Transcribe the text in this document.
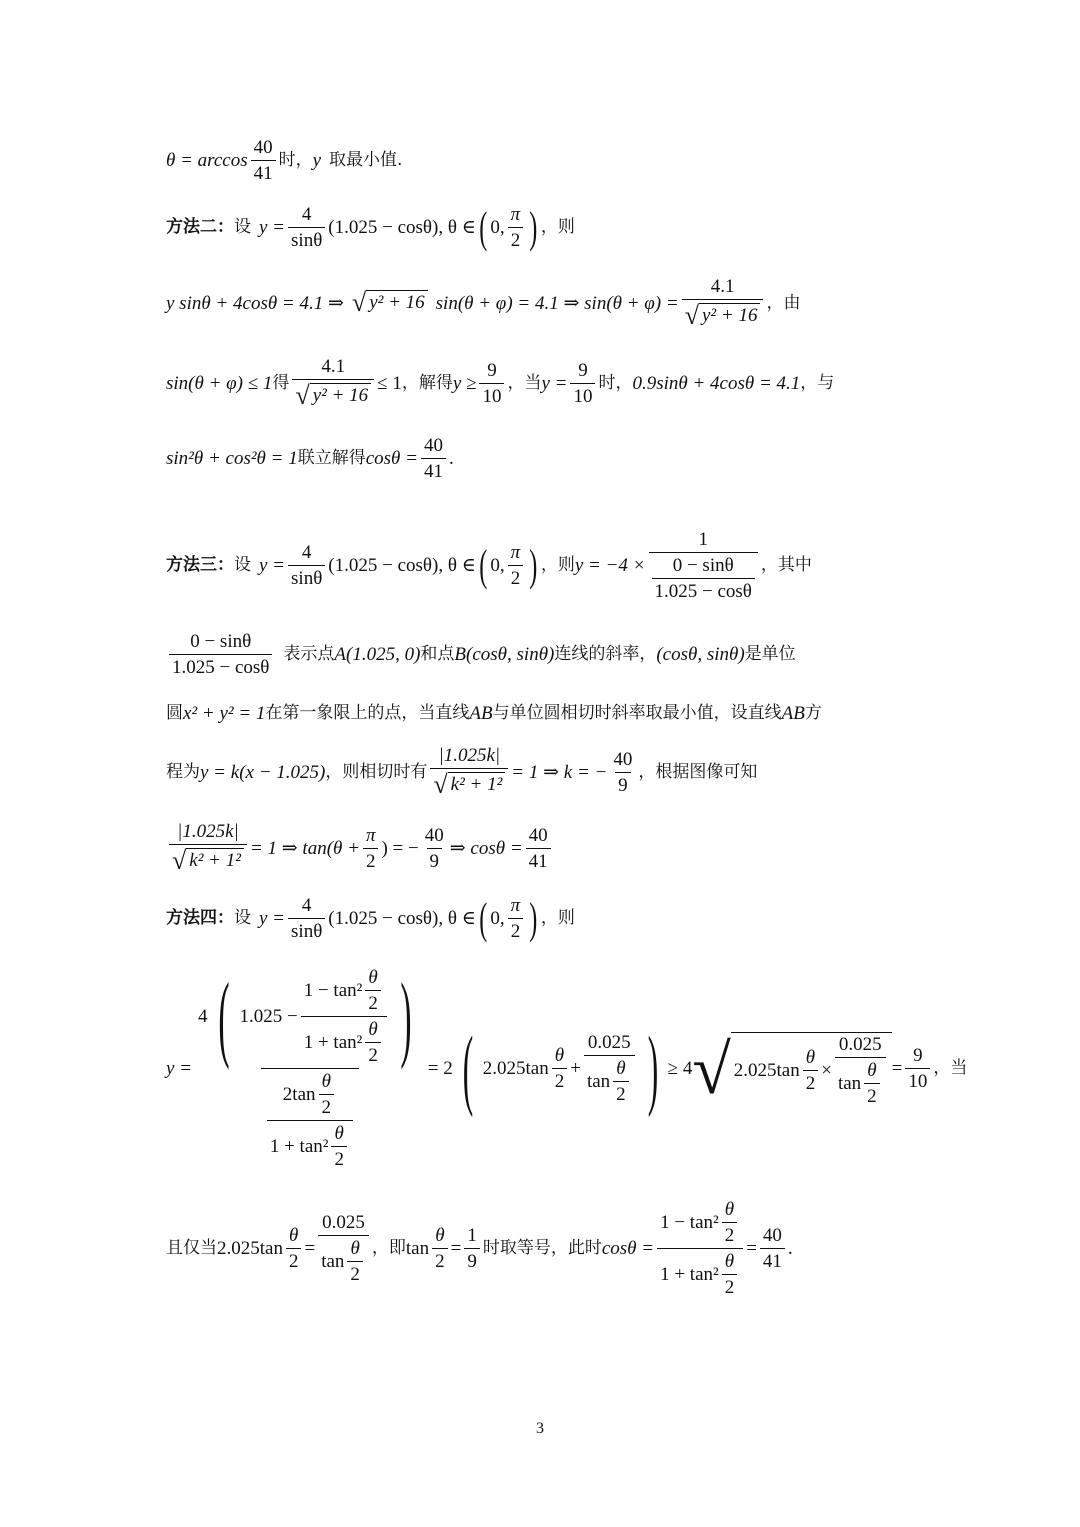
$\theta = \arccos \frac{40}{41}$ 时， y 取最小值.
方法二： 设 $y = \frac{4}{\sin\theta} (1.025 - \cos\theta)$, θ ∈ ( 0, $\frac{\pi}{2}$ ) ，则
y sinθ + 4cosθ = 4.1 ⇒ √ y² + 16 sin(θ + φ) = 4.1 ⇒ $\sin(\theta + \varphi) = \frac{4.1}{\text{√ y² + 16}}$ ，由
sin(θ + φ) ≤ 1 得 $\frac{4.1}{\text{√ y² + 16}} \le 1$ ，解得 $y \ge \frac{9}{10}$ ，当 $y = \frac{9}{10}$ 时， 0.9sinθ + 4cosθ = 4.1 ，与
sin²θ + cos²θ = 1 联立解得 $\cos\theta = \frac{40}{41}$ .
方法三： 设 $y = \frac{4}{\sin\theta} (1.025 - \cos\theta)$, θ ∈ ( 0, $\frac{\pi}{2}$ ) ，则 $y = -4 \times \frac{1}{\frac{0 - \sin\theta}{1.025 - \cos\theta}}$ ，其中
$\frac{0 - \sin\theta}{1.025 - \cos\theta}$ 表示点 A(1.025, 0) 和点 B(cosθ, sinθ) 连线的斜率， (cosθ, sinθ) 是单位
圆 x² + y² = 1 在第一象限上的点，当直线 AB 与单位圆相切时斜率取最小值，设直线 AB 方
程为 y = k(x − 1.025) ，则相切时有 $\frac{|1.025k|}{\text{√ k² + 1²}} = 1$ ⇒ k = − $\frac{40}{9}$ ，根据图像可知
$\frac{|1.025k|}{\text{√ k² + 1²}} = 1$ ⇒ $\tan(\theta + \frac{\pi}{2}$ ) = − $\frac{40}{9}$ ⇒ $\cos\theta = \frac{40}{41}$
方法四： 设 $y = \frac{4}{\sin\theta} (1.025 - \cos\theta)$, θ ∈ ( 0, $\frac{\pi}{2}$ ) ，则
y =
4 ( $1.025 - \frac{1 - \tan^2 \frac{\theta}{2}}{1 + \tan^2 \frac{\theta}{2}}$ )
$\frac{2\tan \frac{\theta}{2}}{1 + \tan^2 \frac{\theta}{2}}$
= 2 ( $2.025\tan \frac{\theta}{2} + \frac{0.025}{\tan \frac{\theta}{2}}$ ) ≥ 4 √ $2.025\tan \frac{\theta}{2} \times \frac{0.025}{\tan \frac{\theta}{2}} = \frac{9}{10}$ ，当
且仅当 $2.025\tan \frac{\theta}{2} = \frac{0.025}{\tan \frac{\theta}{2}}$ ，即 $\tan \frac{\theta}{2} = \frac{1}{9}$ 时取等号，此时 $\cos\theta = \frac{1 - \tan^2 \frac{\theta}{2}}{1 + \tan^2 \frac{\theta}{2}} = \frac{40}{41}$ .
3
